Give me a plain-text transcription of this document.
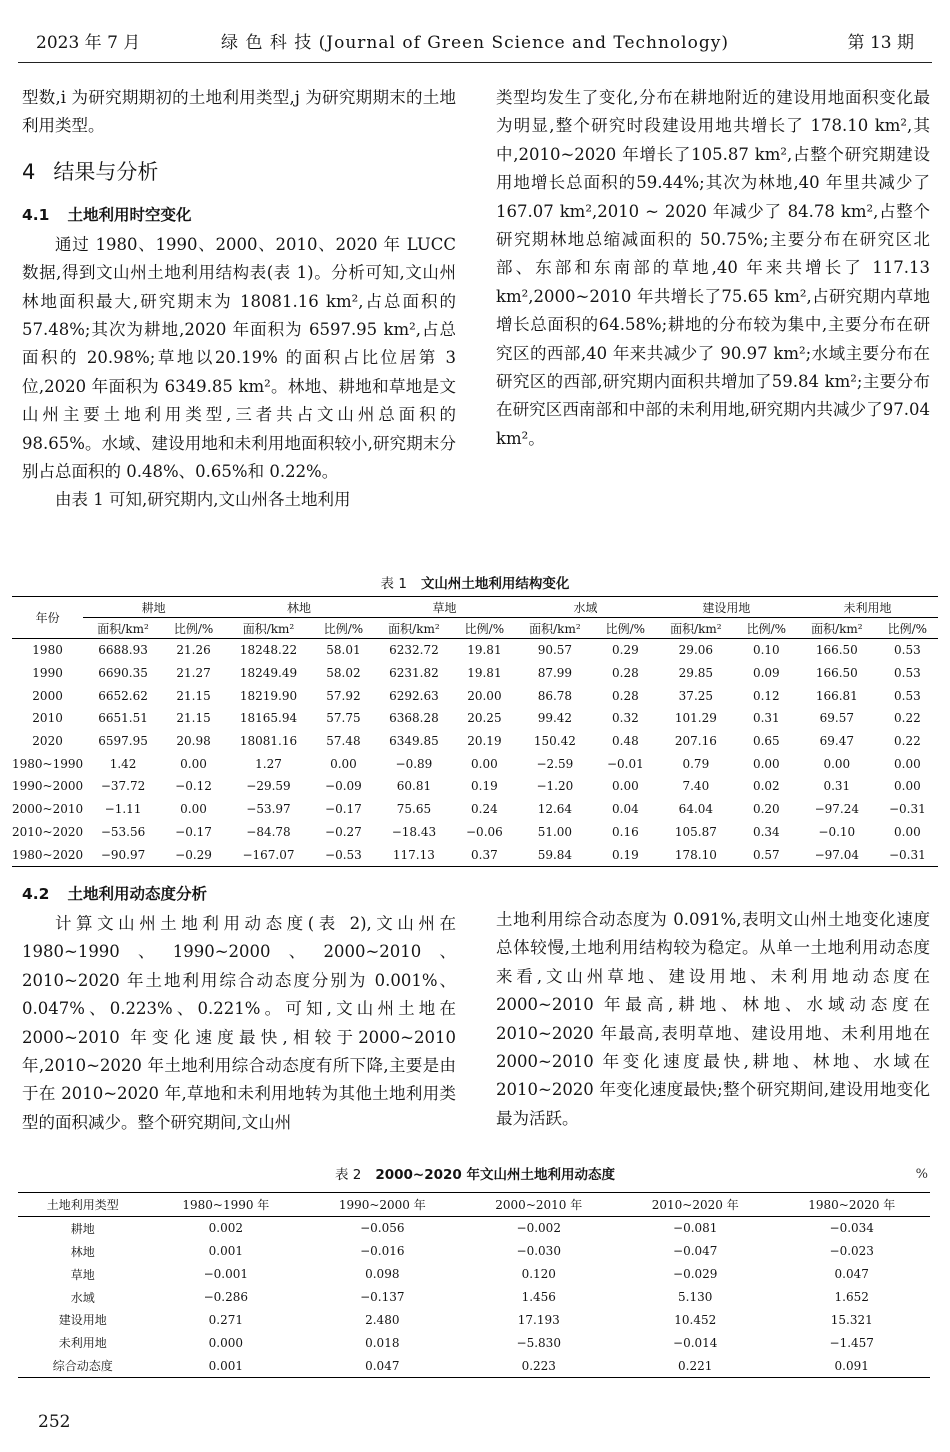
2023 年 7 月	绿 色 科 技 (Journal of Green Science and Technology)	第 13 期

型数,i 为研究期期初的土地利用类型,j 为研究期期末的土地利用类型。

4 结果与分析
4.1 土地利用时空变化

通过 1980、1990、2000、2010、2020 年 LUCC 数据,得到文山州土地利用结构表(表 1)。分析可知,文山州林地面积最大,研究期末为 18081.16 km²,占总面积的 57.48%;其次为耕地,2020 年面积为 6597.95 km²,占总面积的 20.98%;草地以20.19% 的面积占比位居第 3 位,2020 年面积为 6349.85 km²。林地、耕地和草地是文山州主要土地利用类型,三者共占文山州总面积的 98.65%。水域、建设用地和未利用地面积较小,研究期末分别占总面积的 0.48%、0.65%和 0.22%。

由表 1 可知,研究期内,文山州各土地利用

类型均发生了变化,分布在耕地附近的建设用地面积变化最为明显,整个研究时段建设用地共增长了 178.10 km²,其中,2010~2020 年增长了105.87 km²,占整个研究期建设用地增长总面积的59.44%;其次为林地,40 年里共减少了 167.07 km²,2010 ~ 2020 年减少了 84.78 km²,占整个研究期林地总缩减面积的 50.75%;主要分布在研究区北部、东部和东南部的草地,40 年来共增长了 117.13 km²,2000~2010 年共增长了75.65 km²,占研究期内草地增长总面积的64.58%;耕地的分布较为集中,主要分布在研究区的西部,40 年来共减少了 90.97 km²;水域主要分布在研究区的西部,研究期内面积共增加了59.84 km²;主要分布在研究区西南部和中部的未利用地,研究期内共减少了97.04 km²。

表 1 文山州土地利用结构变化
年份	耕地		林地		草地		水域		建设用地		未利用地	
	面积/km²	比例/%	面积/km²	比例/%	面积/km²	比例/%	面积/km²	比例/%	面积/km²	比例/%	面积/km²	比例/%
1980	6688.93	21.26	18248.22	58.01	6232.72	19.81	90.57	0.29	29.06	0.10	166.50	0.53
1990	6690.35	21.27	18249.49	58.02	6231.82	19.81	87.99	0.28	29.85	0.09	166.50	0.53
2000	6652.62	21.15	18219.90	57.92	6292.63	20.00	86.78	0.28	37.25	0.12	166.81	0.53
2010	6651.51	21.15	18165.94	57.75	6368.28	20.25	99.42	0.32	101.29	0.31	69.57	0.22
2020	6597.95	20.98	18081.16	57.48	6349.85	20.19	150.42	0.48	207.16	0.65	69.47	0.22
1980~1990	1.42	0.00	1.27	0.00	−0.89	0.00	−2.59	−0.01	0.79	0.00	0.00	0.00
1990~2000	−37.72	−0.12	−29.59	−0.09	60.81	0.19	−1.20	0.00	7.40	0.02	0.31	0.00
2000~2010	−1.11	0.00	−53.97	−0.17	75.65	0.24	12.64	0.04	64.04	0.20	−97.24	−0.31
2010~2020	−53.56	−0.17	−84.78	−0.27	−18.43	−0.06	51.00	0.16	105.87	0.34	−0.10	0.00
1980~2020	−90.97	−0.29	−167.07	−0.53	117.13	0.37	59.84	0.19	178.10	0.57	−97.04	−0.31
4.2 土地利用动态度分析

计算文山州土地利用动态度(表 2),文山州在 1980~1990、1990~2000、2000~2010、2010~2020 年土地利用综合动态度分别为 0.001%、0.047%、0.223%、0.221%。可知,文山州土地在 2000~2010 年变化速度最快,相较于2000~2010 年,2010~2020 年土地利用综合动态度有所下降,主要是由于在 2010~2020 年,草地和未利用地转为其他土地利用类型的面积减少。整个研究期间,文山州

土地利用综合动态度为 0.091%,表明文山州土地变化速度总体较慢,土地利用结构较为稳定。从单一土地利用动态度来看,文山州草地、建设用地、未利用地动态度在 2000~2010 年最高,耕地、林地、水域动态度在 2010~2020 年最高,表明草地、建设用地、未利用地在 2000~2010 年变化速度最快,耕地、林地、水域在 2010~2020 年变化速度最快;整个研究期间,建设用地变化最为活跃。

表 2 2000~2020 年文山州土地利用动态度	%
土地利用类型	1980~1990 年	1990~2000 年	2000~2010 年	2010~2020 年	1980~2020 年
耕地	0.002	−0.056	−0.002	−0.081	−0.034
林地	0.001	−0.016	−0.030	−0.047	−0.023
草地	−0.001	0.098	0.120	−0.029	0.047
水域	−0.286	−0.137	1.456	5.130	1.652
建设用地	0.271	2.480	17.193	10.452	15.321
未利用地	0.000	0.018	−5.830	−0.014	−1.457
综合动态度	0.001	0.047	0.223	0.221	0.091
252
